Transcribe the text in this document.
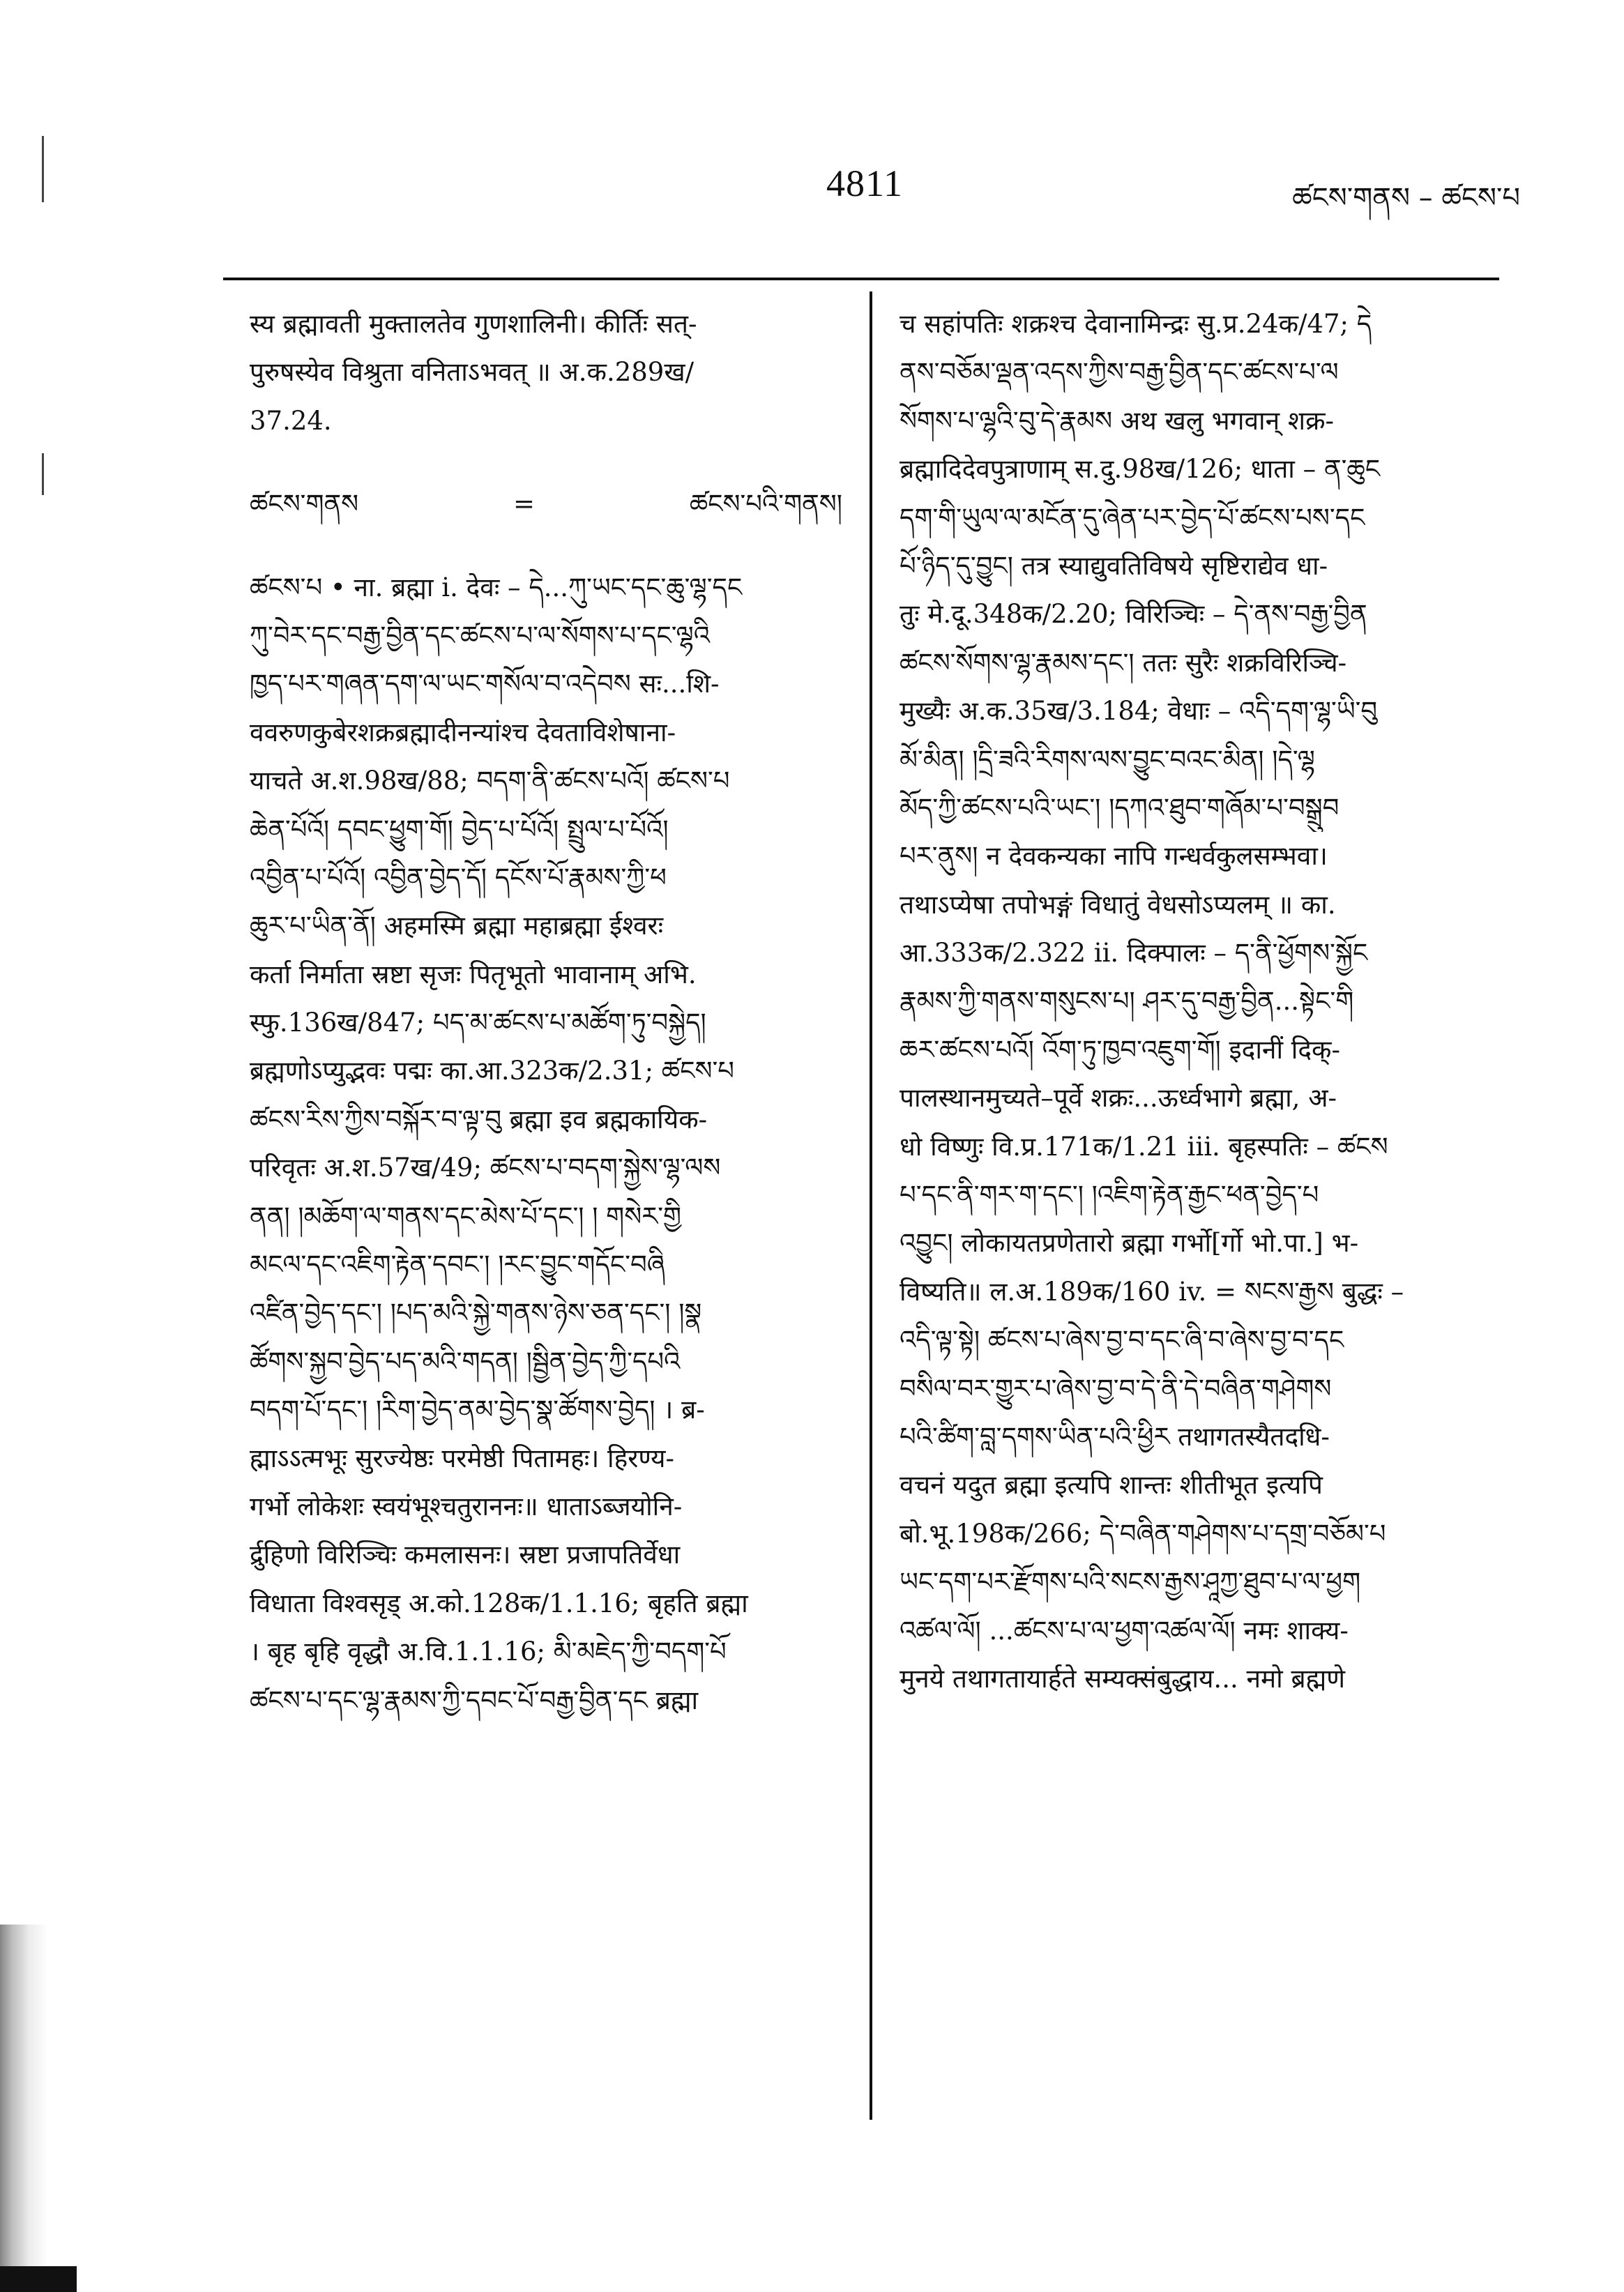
4811	ཚངས་གནས – ཚངས་པ
स्य ब्रह्मावती मुक्तालतेव गुणशालिनी। कीर्तिः सत्-
पुरुषस्येव विश्रुता वनिताऽभवत् ॥ अ.क.289ख/
37.24.
ཚངས་གནས	=	ཚངས་པའི་གནས།
ཚངས་པ • ना. ब्रह्मा i. देवः – དེ...ཀུ་ཡང་དང་ཆུ་ལྷ་དང
ཀུ་བེར་དང་བརྒྱ་བྱིན་དང་ཚངས་པ་ལ་སོགས་པ་དང་ལྷའི
ཁྱད་པར་གཞན་དག་ལ་ཡང་གསོལ་བ་འདེབས सः...शि-
ववरुणकुबेरशक्रब्रह्मादीनन्यांश्च देवताविशेषाना-
याचते अ.श.98ख/88; བདག་ནི་ཚངས་པའོ། ཚངས་པ
ཆེན་པོའོ། དབང་ཕྱུག་གོ། བྱེད་པ་པོའོ། སྤྲུལ་པ་པོའོ།
འབྱིན་པ་པོའོ། འབྱིན་བྱེད་དོ། དངོས་པོ་རྣམས་ཀྱི་ཕ
ཆུར་པ་ཡིན་ནོ། अहमस्मि ब्रह्मा महाब्रह्मा ईश्वरः
कर्ता निर्माता स्रष्टा सृजः पितृभूतो भावानाम् अभि.
स्फु.136ख/847; པད་མ་ཚངས་པ་མཚོག་ཏུ་བསྐྱེད།
ब्रह्मणोऽप्युद्भवः पद्मः का.आ.323क/2.31; ཚངས་པ
ཚངས་རིས་ཀྱིས་བསྐོར་བ་ལྟ་བུ ब्रह्मा इव ब्रह्मकायिक-
परिवृतः अ.श.57ख/49; ཚངས་པ་བདག་སྐྱེས་ལྷ་ལས
ནན། །མཆོག་ལ་གནས་དང་མེས་པོ་དང་། ། གསེར་གྱི
མངལ་དང་འཇིག་རྟེན་དབང་། །རང་བྱུང་གདོང་བཞི
འཛིན་བྱེད་དང་། །པད་མའི་སྐྱེ་གནས་ཉེས་ཅན་དང་། །སྣ
ཚོགས་སྐྱབ་བྱེད་པད་མའི་གདན། །སྦྱིན་བྱེད་ཀྱི་དཔའི
བདག་པོ་དང་། །རིག་བྱེད་ནམ་བྱེད་སྣ་ཚོགས་བྱེད། । ब्र-
ह्माऽऽत्मभूः सुरज्येष्ठः परमेष्ठी पितामहः। हिरण्य-
गर्भो लोकेशः स्वयंभूश्चतुराननः॥ धाताऽब्जयोनि-
र्द्रुहिणो विरिञ्चिः कमलासनः। स्रष्टा प्रजापतिर्वेधा
विधाता विश्वसृड् अ.को.128क/1.1.16; बृहति ब्रह्मा
। बृह बृहि वृद्धौ अ.वि.1.1.16; མི་མཇེད་ཀྱི་བདག་པོ
ཚངས་པ་དང་ལྷ་རྣམས་ཀྱི་དབང་པོ་བརྒྱ་བྱིན་དང ब्रह्मा
च सहांपतिः शक्रश्च देवानामिन्द्रः सु.प्र.24क/47; དེ
ནས་བཅོམ་ལྡན་འདས་ཀྱིས་བརྒྱ་བྱིན་དང་ཚངས་པ་ལ
སོགས་པ་ལྷའི་བུ་དེ་རྣམས अथ खलु भगवान् शक्र-
ब्रह्मादिदेवपुत्राणाम् स.दु.98ख/126; धाता – ན་ཆུང
དག་གི་ཡུལ་ལ་མངོན་དུ་ཞེན་པར་བྱེད་པོ་ཚངས་པས་དང
པོ་ཉིད་དུ་བྱུང། तत्र स्याद्युवतिविषये सृष्टिराद्येव धा-
तुः मे.दू.348क/2.20; विरिञ्चिः – དེ་ནས་བརྒྱ་བྱིན
ཚངས་སོགས་ལྷ་རྣམས་དང་། ततः सुरैः शक्रविरिञ्चि-
मुख्यैः अ.क.35ख/3.184; वेधाः – འདི་དག་ལྷ་ཡི་བུ
མོ་མིན། །དྲི་ཟའི་རིགས་ལས་བྱུང་བའང་མིན། །དེ་ལྷ
མོད་ཀྱི་ཚངས་པའི་ཡང་། །དཀའ་ཐུབ་གཞོམ་པ་བསྒྲུབ
པར་ནུས། न देवकन्यका नापि गन्धर्वकुलसम्भवा।
तथाऽप्येषा तपोभङ्गं विधातुं वेधसोऽप्यलम् ॥ का.
आ.333क/2.322 ii. दिक्पालः – ད་ནི་ཕྱོགས་སྐྱོང
རྣམས་ཀྱི་གནས་གསུངས་པ། ཤར་དུ་བརྒྱ་བྱིན...སྟེང་གི
ཆར་ཚངས་པའོ། འོག་ཏུ་ཁྱབ་འཇུག་གོ། इदानीं दिक्-
पालस्थानमुच्यते–पूर्वे शक्रः...ऊर्ध्वभागे ब्रह्मा, अ-
धो विष्णुः वि.प्र.171क/1.21 iii. बृहस्पतिः – ཚངས
པ་དང་ནི་གར་ག་དང་། །འཇིག་རྟེན་རྒྱང་ཕན་བྱེད་པ
འབྱུང། लोकायतप्रणेतारो ब्रह्मा गर्भो[र्गो भो.पा.] भ-
विष्यति॥ ल.अ.189क/160 iv. = སངས་རྒྱས बुद्धः –
འདི་ལྟ་སྟེ། ཚངས་པ་ཞེས་བྱ་བ་དང་ཞི་བ་ཞེས་བྱ་བ་དང
བསིལ་བར་གྱུར་པ་ཞེས་བྱ་བ་དེ་ནི་དེ་བཞིན་གཤེགས
པའི་ཚིག་བླ་དགས་ཡིན་པའི་ཕྱིར तथागतस्यैतदधि-
वचनं यदुत ब्रह्मा इत्यपि शान्तः शीतीभूत इत्यपि
बो.भू.198क/266; དེ་བཞིན་གཤེགས་པ་དགྲ་བཅོམ་པ
ཡང་དག་པར་རྫོགས་པའི་སངས་རྒྱས་ཤཱཀྱ་ཐུབ་པ་ལ་ཕྱག
འཚལ་ལོ། ...ཚངས་པ་ལ་ཕྱག་འཚལ་ལོ། नमः शाक्य-
मुनये तथागतायार्हते सम्यक्संबुद्धाय... नमो ब्रह्मणे
